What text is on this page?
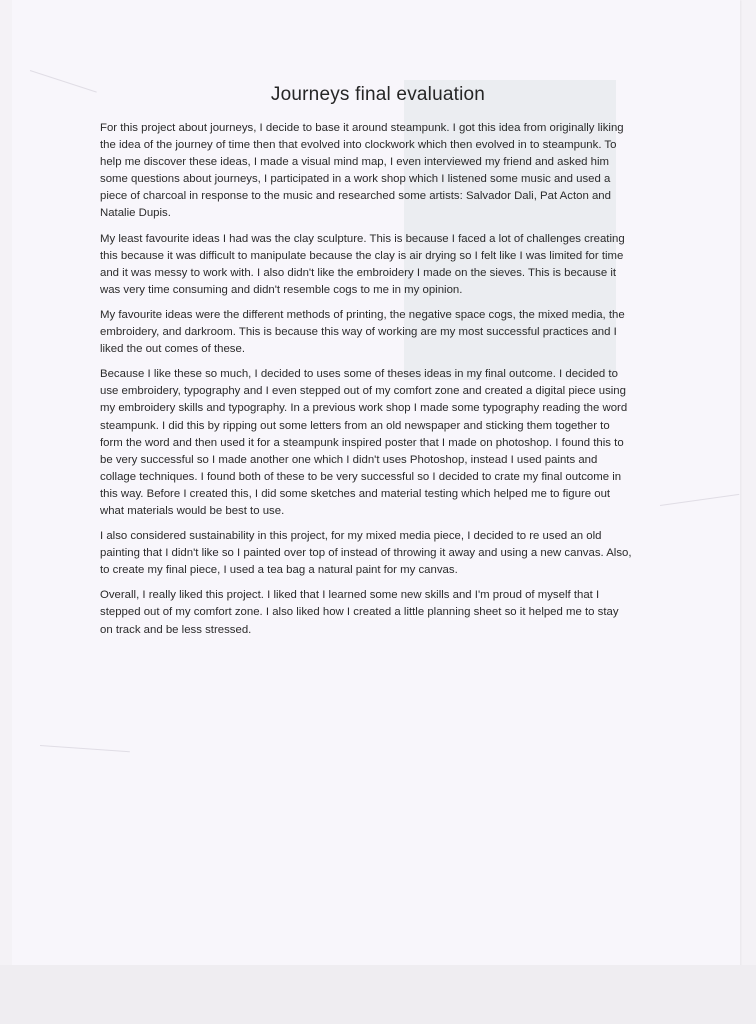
Journeys final evaluation

For this project about journeys, I decide to base it around steampunk. I got this idea from originally liking the idea of the journey of time then that evolved into clockwork which then evolved in to steampunk. To help me discover these ideas, I made a visual mind map, I even interviewed my friend and asked him some questions about journeys, I participated in a work shop which I listened some music and used a piece of charcoal in response to the music and researched some artists: Salvador Dali, Pat Acton and Natalie Dupis.

My least favourite ideas I had was the clay sculpture. This is because I faced a lot of challenges creating this because it was difficult to manipulate because the clay is air drying so I felt like I was limited for time and it was messy to work with. I also didn't like the embroidery I made on the sieves. This is because it was very time consuming and didn't resemble cogs to me in my opinion.

My favourite ideas were the different methods of printing, the negative space cogs, the mixed media, the embroidery, and darkroom. This is because this way of working are my most successful practices and I liked the out comes of these.

Because I like these so much, I decided to uses some of theses ideas in my final outcome. I decided to use embroidery, typography and I even stepped out of my comfort zone and created a digital piece using my embroidery skills and typography. In a previous work shop I made some typography reading the word steampunk. I did this by ripping out some letters from an old newspaper and sticking them together to form the word and then used it for a steampunk inspired poster that I made on photoshop. I found this to be very successful so I made another one which I didn't uses Photoshop, instead I used paints and collage techniques. I found both of these to be very successful so I decided to crate my final outcome in this way. Before I created this, I did some sketches and material testing which helped me to figure out what materials would be best to use.

I also considered sustainability in this project, for my mixed media piece, I decided to re used an old painting that I didn't like so I painted over top of instead of throwing it away and using a new canvas. Also, to create my final piece, I used a tea bag a natural paint for my canvas.

Overall, I really liked this project. I liked that I learned some new skills and I'm proud of myself that I stepped out of my comfort zone. I also liked how I created a little planning sheet so it helped me to stay on track and be less stressed.
